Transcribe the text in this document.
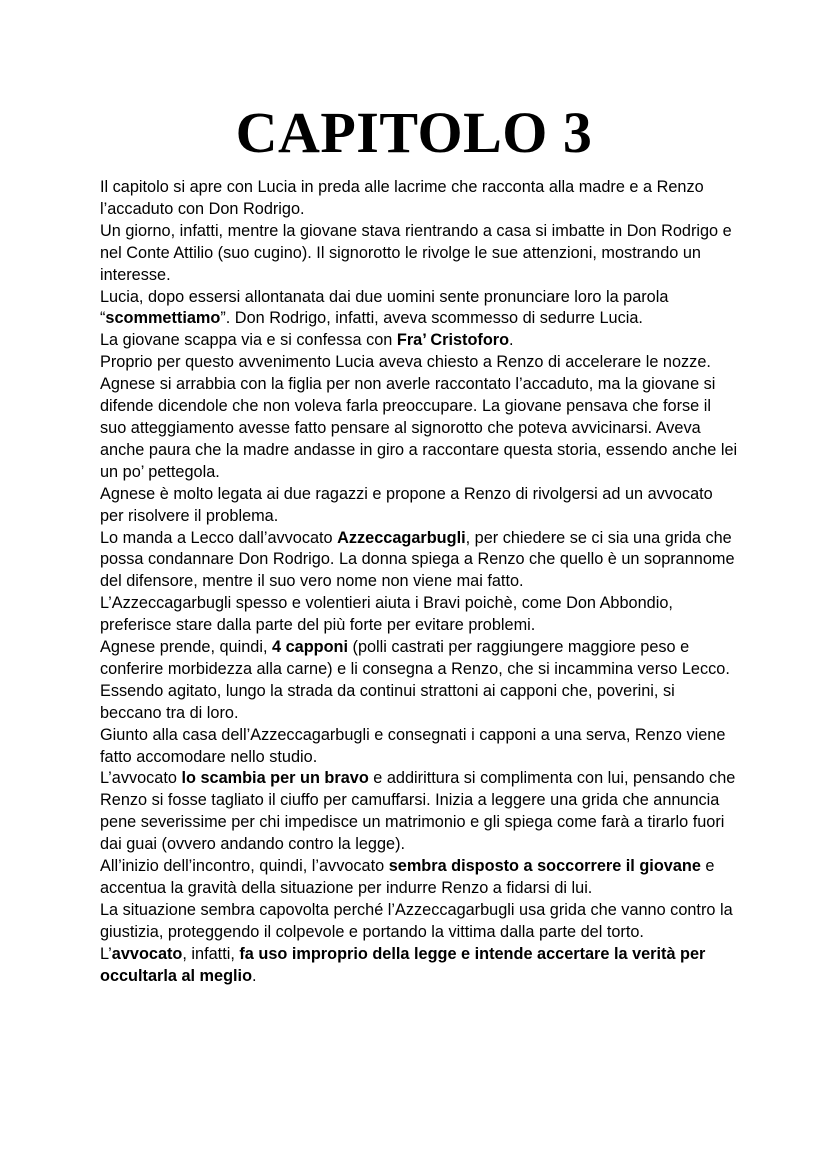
CAPITOLO 3

Il capitolo si apre con Lucia in preda alle lacrime che racconta alla madre e a Renzo l’accaduto con Don Rodrigo.

Un giorno, infatti, mentre la giovane stava rientrando a casa si imbatte in Don Rodrigo e nel Conte Attilio (suo cugino). Il signorotto le rivolge le sue attenzioni, mostrando un interesse.

Lucia, dopo essersi allontanata dai due uomini sente pronunciare loro la parola “scommettiamo”. Don Rodrigo, infatti, aveva scommesso di sedurre Lucia.

La giovane scappa via e si confessa con Fra’ Cristoforo.

Proprio per questo avvenimento Lucia aveva chiesto a Renzo di accelerare le nozze.

Agnese si arrabbia con la figlia per non averle raccontato l’accaduto, ma la giovane si difende dicendole che non voleva farla preoccupare. La giovane pensava che forse il suo atteggiamento avesse fatto pensare al signorotto che poteva avvicinarsi. Aveva anche paura che la madre andasse in giro a raccontare questa storia, essendo anche lei un po’ pettegola.

Agnese è molto legata ai due ragazzi e propone a Renzo di rivolgersi ad un avvocato per risolvere il problema.

Lo manda a Lecco dall’avvocato Azzeccagarbugli, per chiedere se ci sia una grida che possa condannare Don Rodrigo. La donna spiega a Renzo che quello è un soprannome del difensore, mentre il suo vero nome non viene mai fatto.

L’Azzeccagarbugli spesso e volentieri aiuta i Bravi poichè, come Don Abbondio, preferisce stare dalla parte del più forte per evitare problemi.

Agnese prende, quindi, 4 capponi (polli castrati per raggiungere maggiore peso e conferire morbidezza alla carne) e li consegna a Renzo, che si incammina verso Lecco.

Essendo agitato, lungo la strada da continui strattoni ai capponi che, poverini, si beccano tra di loro.

Giunto alla casa dell’Azzeccagarbugli e consegnati i capponi a una serva, Renzo viene fatto accomodare nello studio.

L’avvocato lo scambia per un bravo e addirittura si complimenta con lui, pensando che Renzo si fosse tagliato il ciuffo per camuffarsi. Inizia a leggere una grida che annuncia pene severissime per chi impedisce un matrimonio e gli spiega come farà a tirarlo fuori dai guai (ovvero andando contro la legge).

All’inizio dell’incontro, quindi, l’avvocato sembra disposto a soccorrere il giovane e accentua la gravità della situazione per indurre Renzo a fidarsi di lui.

La situazione sembra capovolta perché l’Azzeccagarbugli usa grida che vanno contro la giustizia, proteggendo il colpevole e portando la vittima dalla parte del torto.

L’avvocato, infatti, fa uso improprio della legge e intende accertare la verità per occultarla al meglio.
